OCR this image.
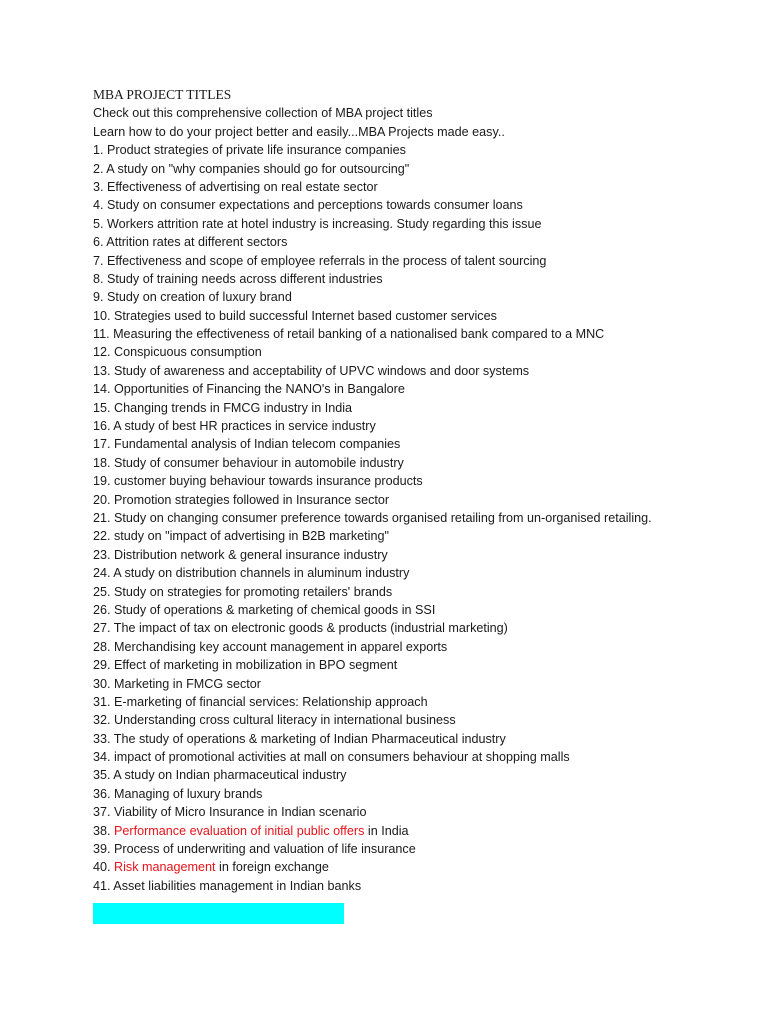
MBA PROJECT TITLES
Check out this comprehensive collection of MBA project titles
Learn how to do your project better and easily...MBA Projects made easy..
1. Product strategies of private life insurance companies
2. A study on "why companies should go for outsourcing"
3. Effectiveness of advertising on real estate sector
4. Study on consumer expectations and perceptions towards consumer loans
5. Workers attrition rate at hotel industry is increasing. Study regarding this issue
6. Attrition rates at different sectors
7. Effectiveness and scope of employee referrals in the process of talent sourcing
8. Study of training needs across different industries
9. Study on creation of luxury brand
10. Strategies used to build successful Internet based customer services
11. Measuring the effectiveness of retail banking of a nationalised bank compared to a MNC
12. Conspicuous consumption
13. Study of awareness and acceptability of UPVC windows and door systems
14. Opportunities of Financing the NANO's in Bangalore
15. Changing trends in FMCG industry in India
16. A study of best HR practices in service industry
17. Fundamental analysis of Indian telecom companies
18. Study of consumer behaviour in automobile industry
19. customer buying behaviour towards insurance products
20. Promotion strategies followed in Insurance sector
21. Study on changing consumer preference towards organised retailing from un-organised retailing.
22. study on "impact of advertising in B2B marketing"
23. Distribution network & general insurance industry
24. A study on distribution channels in aluminum industry
25. Study on strategies for promoting retailers' brands
26. Study of operations & marketing of chemical goods in SSI
27. The impact of tax on electronic goods & products (industrial marketing)
28. Merchandising key account management in apparel exports
29. Effect of marketing in mobilization in BPO segment
30. Marketing in FMCG sector
31. E-marketing of financial services: Relationship approach
32. Understanding cross cultural literacy in international business
33. The study of operations & marketing of Indian Pharmaceutical industry
34. impact of promotional activities at mall on consumers behaviour at shopping malls
35. A study on Indian pharmaceutical industry
36. Managing of luxury brands
37. Viability of Micro Insurance in Indian scenario
38. Performance evaluation of initial public offers in India
39. Process of underwriting and valuation of life insurance
40. Risk management in foreign exchange
41. Asset liabilities management in Indian banks
